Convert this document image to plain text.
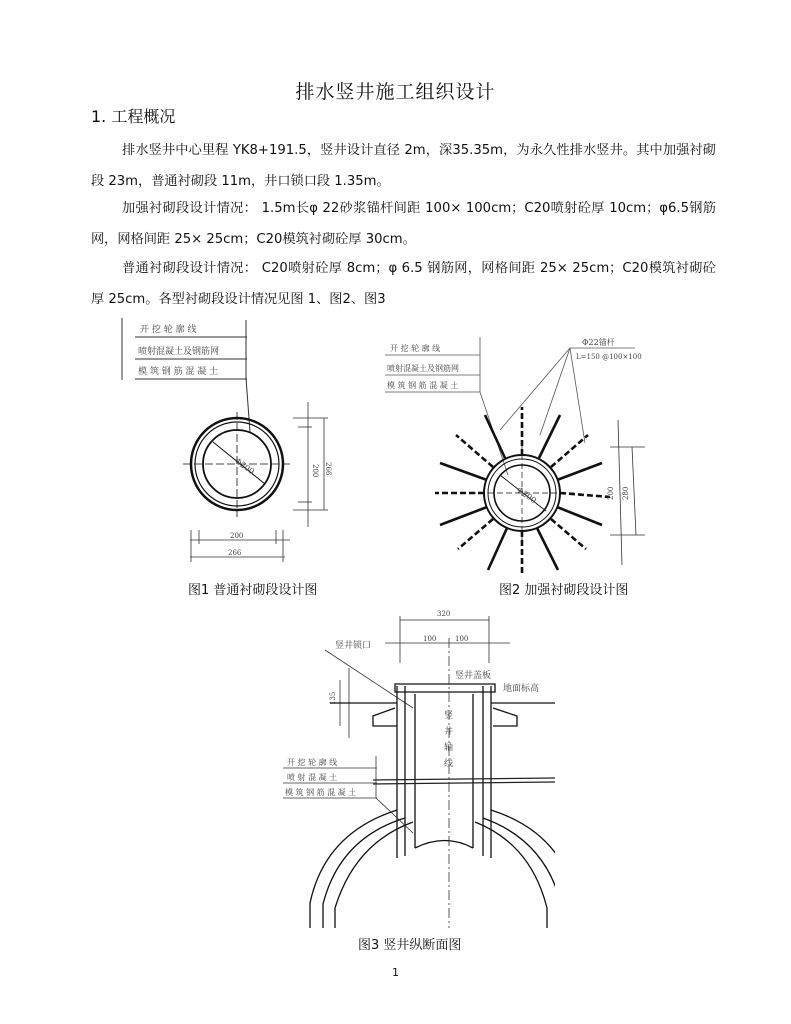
排水竖井施工组织设计
1. 工程概况
排水竖井中心里程 YK8+191.5，竖井设计直径 2m，深35.35m，为永久性排水竖井。其中加强衬砌段 23m，普通衬砌段 11m，井口锁口段 1.35m。
加强衬砌段设计情况： 1.5m长φ 22砂浆锚杆间距 100× 100cm；C20喷射砼厚 10cm；φ6.5钢筋网，网格间距 25× 25cm；C20模筑衬砌砼厚 30cm。
普通衬砌段设计情况： C20喷射砼厚 8cm；φ 6.5 钢筋网，网格间距 25× 25cm；C20模筑衬砌砼厚 25cm。各型衬砌段设计情况见图 1、图2、图3
开 挖 轮 廓 线
喷射混凝土及钢筋网
模 筑 钢 筋 混 凝 土
Φ200	200 266
200
266
图1 普通衬砌段设计图
开 挖 轮 廓 线
喷射混凝土及钢筋网
模 筑 钢 筋 混 凝 土
Φ22锚杆
L=150 @100×100
Φ200	200 280
图2 加强衬砌段设计图
320
100	100
竖井锁口
竖井盖板
地面标高
135
竖
井
轴
线
开 挖 轮 廓 线
喷 射 混 凝 土
模 筑 钢 筋 混 凝 土
图3 竖井纵断面图
1
